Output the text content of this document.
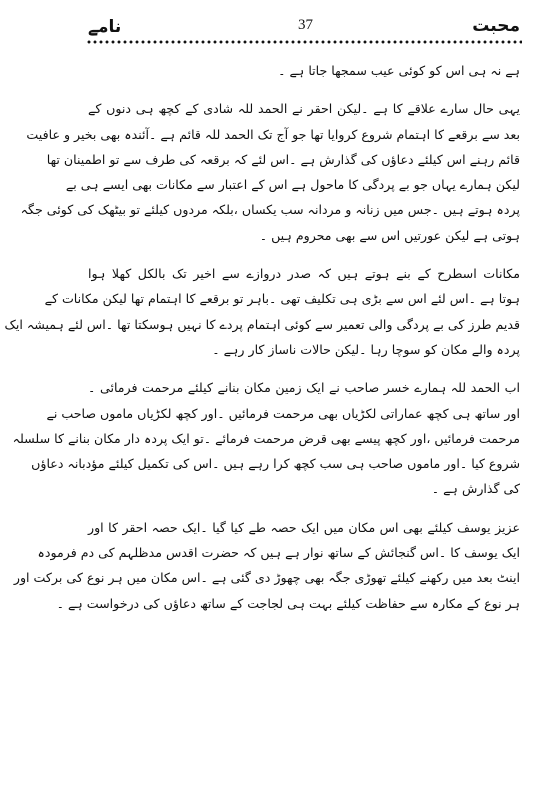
محبت
37
نامے

ہے نہ ہی اس کو کوئی عیب سمجھا جاتا ہے ۔

یہی حال سارے علاقے کا ہے ۔لیکن احقر نے الحمد للہ شادی کے کچھ ہی دنوں کے
بعد سے برقعے کا اہتمام شروع کروایا تھا جو آج تک الحمد للہ قائم ہے ۔آئندہ بھی بخیر و عافیت
قائم رہنے اس کیلئے دعاؤں کی گذارش ہے ۔اس لئے کہ برقعہ کی طرف سے تو اطمینان تھا
لیکن ہمارے یہاں جو بے پردگی کا ماحول ہے اس کے اعتبار سے مکانات بھی ایسے ہی بے
پردہ ہوتے ہیں ۔جس میں زنانہ و مردانہ سب یکساں ،بلکہ مردوں کیلئے تو بیٹھک کی کوئی جگہ
ہوتی ہے لیکن عورتیں اس سے بھی محروم ہیں ۔

مکانات اسطرح کے بنے ہوتے ہیں کہ صدر دروازے سے اخیر تک بالکل کھلا ہوا
ہوتا ہے ۔اس لئے اس سے بڑی ہی تکلیف تھی ۔باہر تو برقعے کا اہتمام تھا لیکن مکانات کے
قدیم طرز کی بے پردگی والی تعمیر سے کوئی اہتمام پردے کا نہیں ہوسکتا تھا ۔اس لئے ہمیشہ ایک
پردہ والے مکان کو سوچا رہا ۔لیکن حالات ناساز کار رہے ۔

اب الحمد للہ ہمارے خسر صاحب نے ایک زمین مکان بنانے کیلئے مرحمت فرمائی ۔
اور ساتھ ہی کچھ عماراتی لکڑیاں بھی مرحمت فرمائیں ۔اور کچھ لکڑیاں ماموں صاحب نے
مرحمت فرمائیں ،اور کچھ پیسے بھی قرض مرحمت فرمائے ۔تو ایک پردہ دار مکان بنانے کا سلسلہ
شروع کیا ۔اور ماموں صاحب ہی سب کچھ کرا رہے ہیں ۔اس کی تکمیل کیلئے مؤدبانہ دعاؤں
کی گذارش ہے ۔

عزیز یوسف کیلئے بھی اس مکان میں ایک حصہ طے کیا گیا ۔ایک حصہ احقر کا اور
ایک یوسف کا ۔اس گنجائش کے ساتھ نوار ہے ہیں کہ حضرت اقدس مدظلہم کی دم فرمودہ
اینٹ بعد میں رکھنے کیلئے تھوڑی جگہ بھی چھوڑ دی گئی ہے ۔اس مکان میں ہر نوع کی برکت اور
ہر نوع کے مکارہ سے حفاظت کیلئے بہت ہی لجاجت کے ساتھ دعاؤں کی درخواست ہے ۔
